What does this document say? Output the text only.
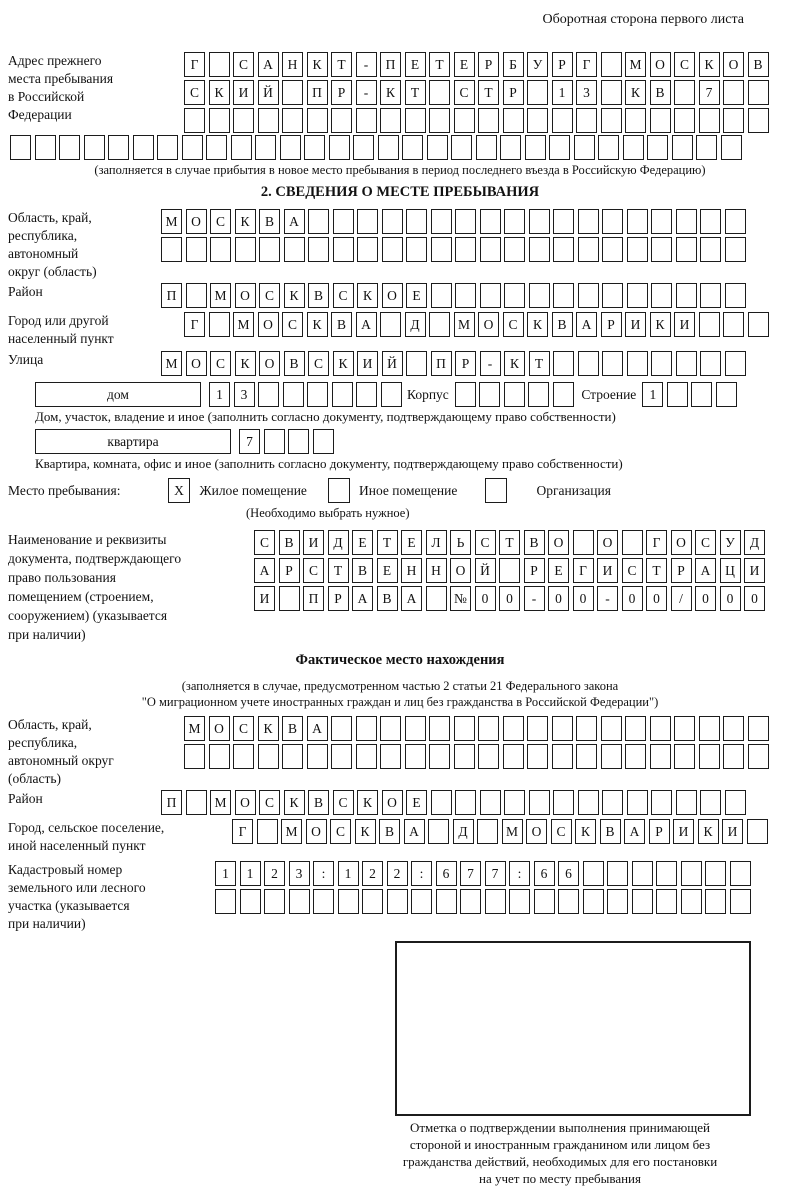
Оборотная сторона первого листа
Адрес прежнего
места пребывания
в Российской
Федерации
Г	С	А	Н	К	Т	-	П	Е	Т	Е	Р	Б	У	Р	Г	М	О	С	К	О	В
С	К	И	Й	П	Р	-	К	Т	С	Т	Р	1	3	К	В	7
(заполняется в случае прибытия в новое место пребывания в период последнего въезда в Российскую Федерацию)
2. СВЕДЕНИЯ О МЕСТЕ ПРЕБЫВАНИЯ
Область, край,
республика,
автономный
округ (область)
М	О	С	К	В	А
Район	П	М	О	С	К	В	С	К	О	Е
Город или другой
населенный пункт
Г	М	О	С	К	В	А	Д	М	О	С	К	В	А	Р	И	К	И
Улица	М	О	С	К	О	В	С	К	И	Й	П	Р	-	К	Т
дом	1	3	Корпус	Строение 1
Дом, участок, владение и иное (заполнить согласно документу, подтверждающему право собственности)
квартира	7
Квартира, комната, офис и иное (заполнить согласно документу, подтверждающему право собственности)
Место пребывания:	X	Жилое помещение	Иное помещение	Организация
(Необходимо выбрать нужное)
Наименование и реквизиты
документа, подтверждающего
право пользования
помещением (строением,
сооружением) (указывается
при наличии)
С	В	И	Д	Е	Т	Е	Л	Ь	С	Т	В	О	О	Г	О	С	У	Д
А	Р	С	Т	В	Е	Н	Н	О	Й	Р	Е	Г	И	С	Т	Р	А	Ц	И
И	П	Р	А	В	А	№	0	0	-	0	0	-	0	0	/	0	0	0
Фактическое место нахождения
(заполняется в случае, предусмотренном частью 2 статьи 21 Федерального закона
"О миграционном учете иностранных граждан и лиц без гражданства в Российской Федерации")
Область, край,
республика,
автономный округ
(область)
М	О	С	К	В	А
Район	П	М	О	С	К	В	С	К	О	Е
Город, сельское поселение,
иной населенный пункт
Г	М	О	С	К	В	А	Д	М	О	С	К	В	А	Р	И	К	И
Кадастровый номер
земельного или лесного
участка (указывается
при наличии)
1	1	2	3	:	1	2	2	:	6	7	7	:	6	6
Отметка о подтверждении выполнения принимающей
стороной и иностранным гражданином или лицом без
гражданства действий, необходимых для его постановки
на учет по месту пребывания
